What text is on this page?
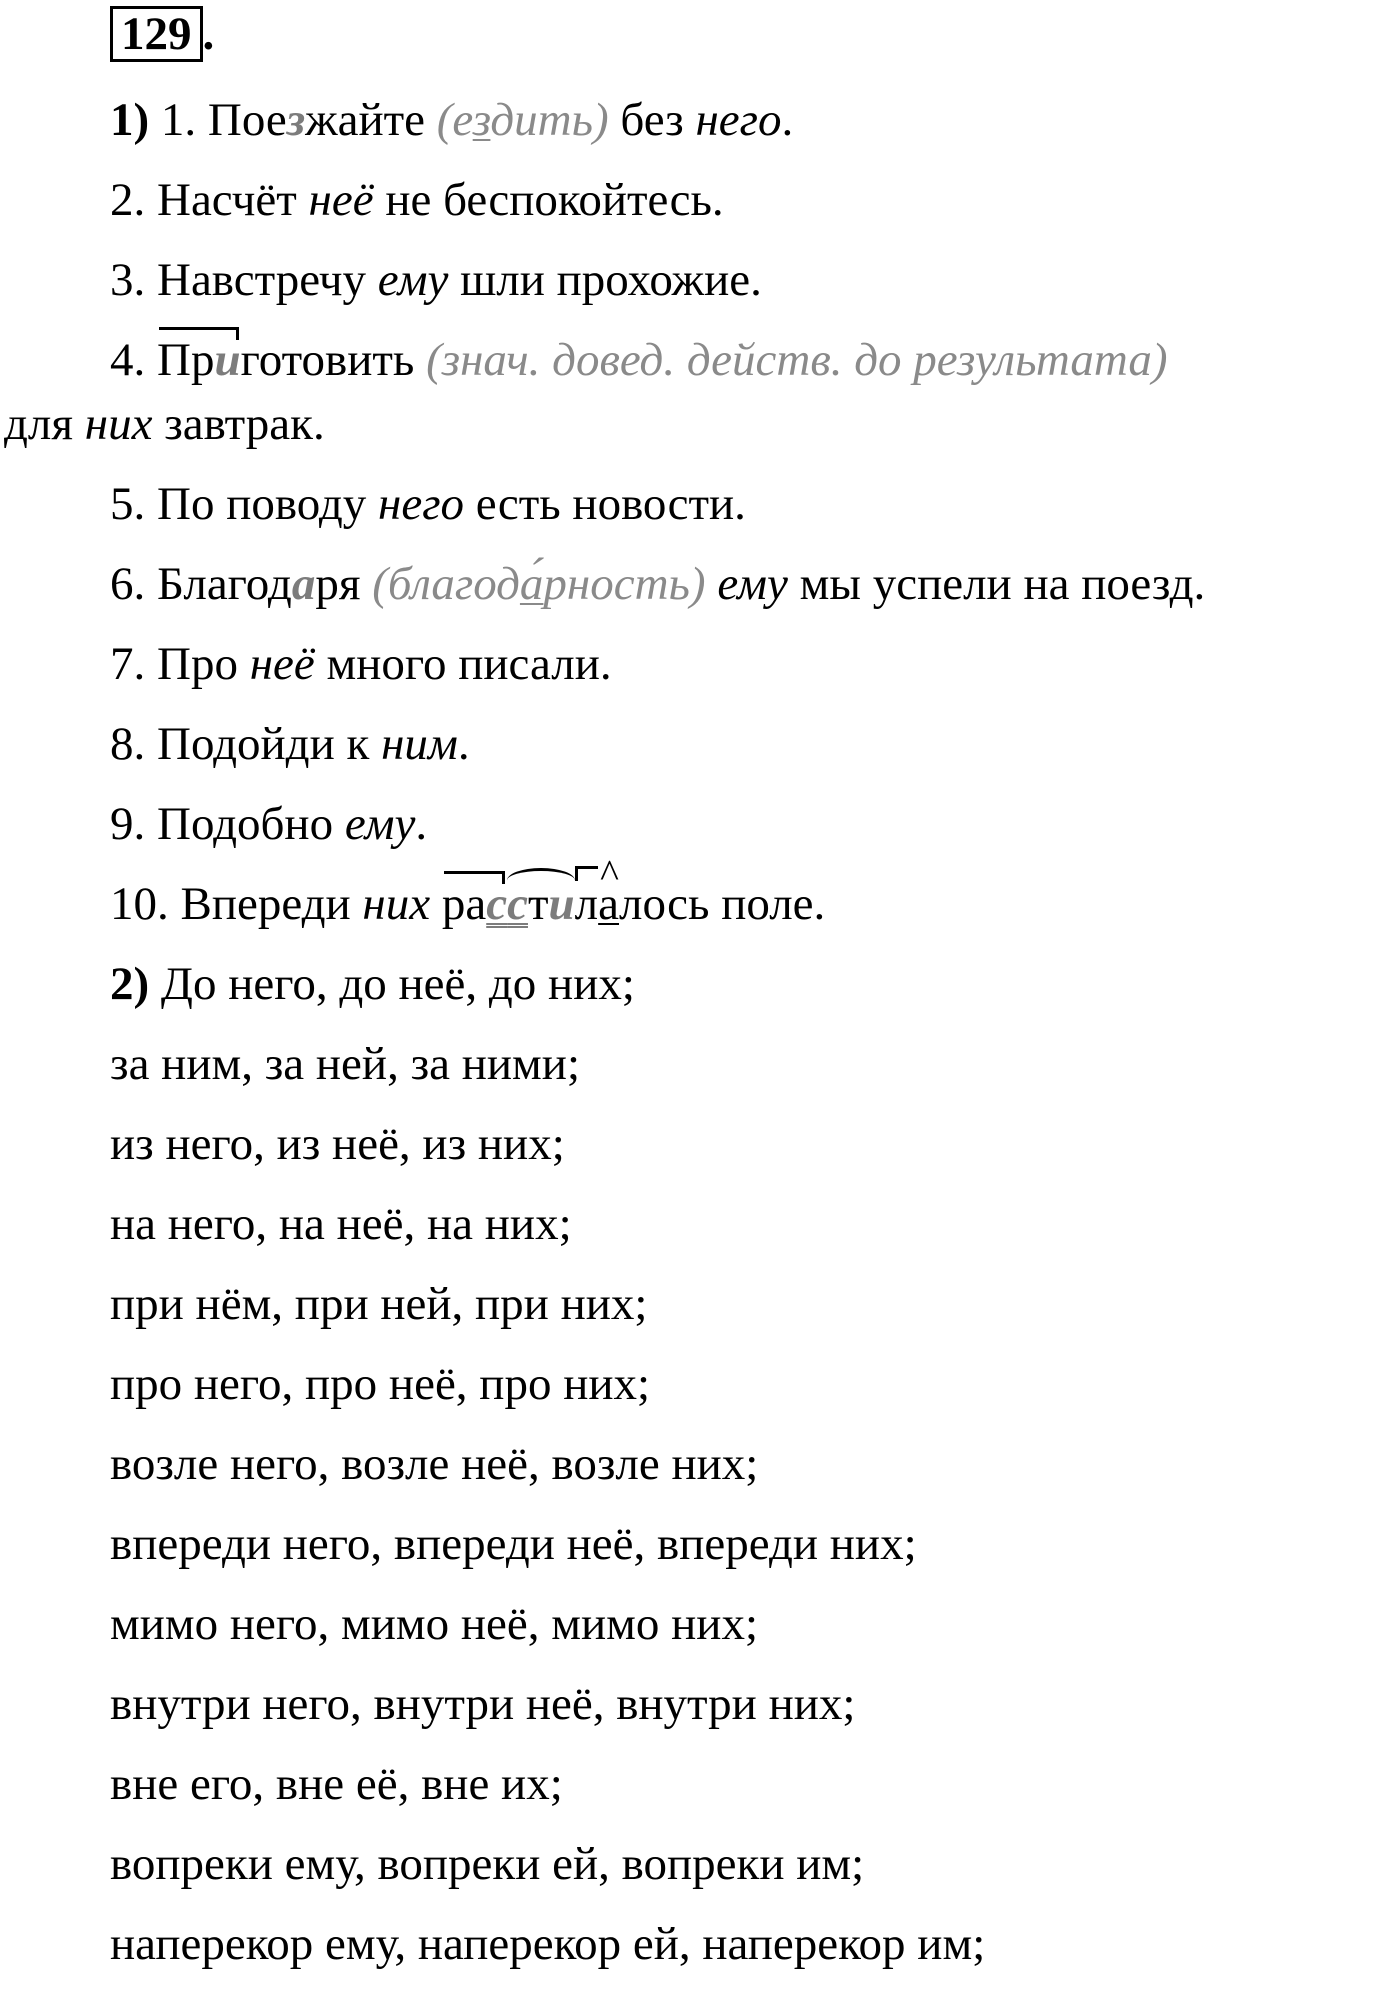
129 .
1) 1. Поезжайте (ездить) без него.
2. Насчёт неё не беспокойтесь.
3. Навстречу ему шли прохожие.
4. Приготовить (знач. довед. действ. до результата)
для них завтрак.
5. По поводу него есть новости.
6. Благодаря (благода́рность) ему мы успели на поезд.
7. Про неё много писали.
8. Подойди к ним.
9. Подобно ему.
10. Впереди них расстил^ алось поле.
2) До него, до неё, до них;
за ним, за ней, за ними;
из него, из неё, из них;
на него, на неё, на них;
при нём, при ней, при них;
про него, про неё, про них;
возле него, возле неё, возле них;
впереди него, впереди неё, впереди них;
мимо него, мимо неё, мимо них;
внутри него, внутри неё, внутри них;
вне его, вне её, вне их;
вопреки ему, вопреки ей, вопреки им;
наперекор ему, наперекор ей, наперекор им;
